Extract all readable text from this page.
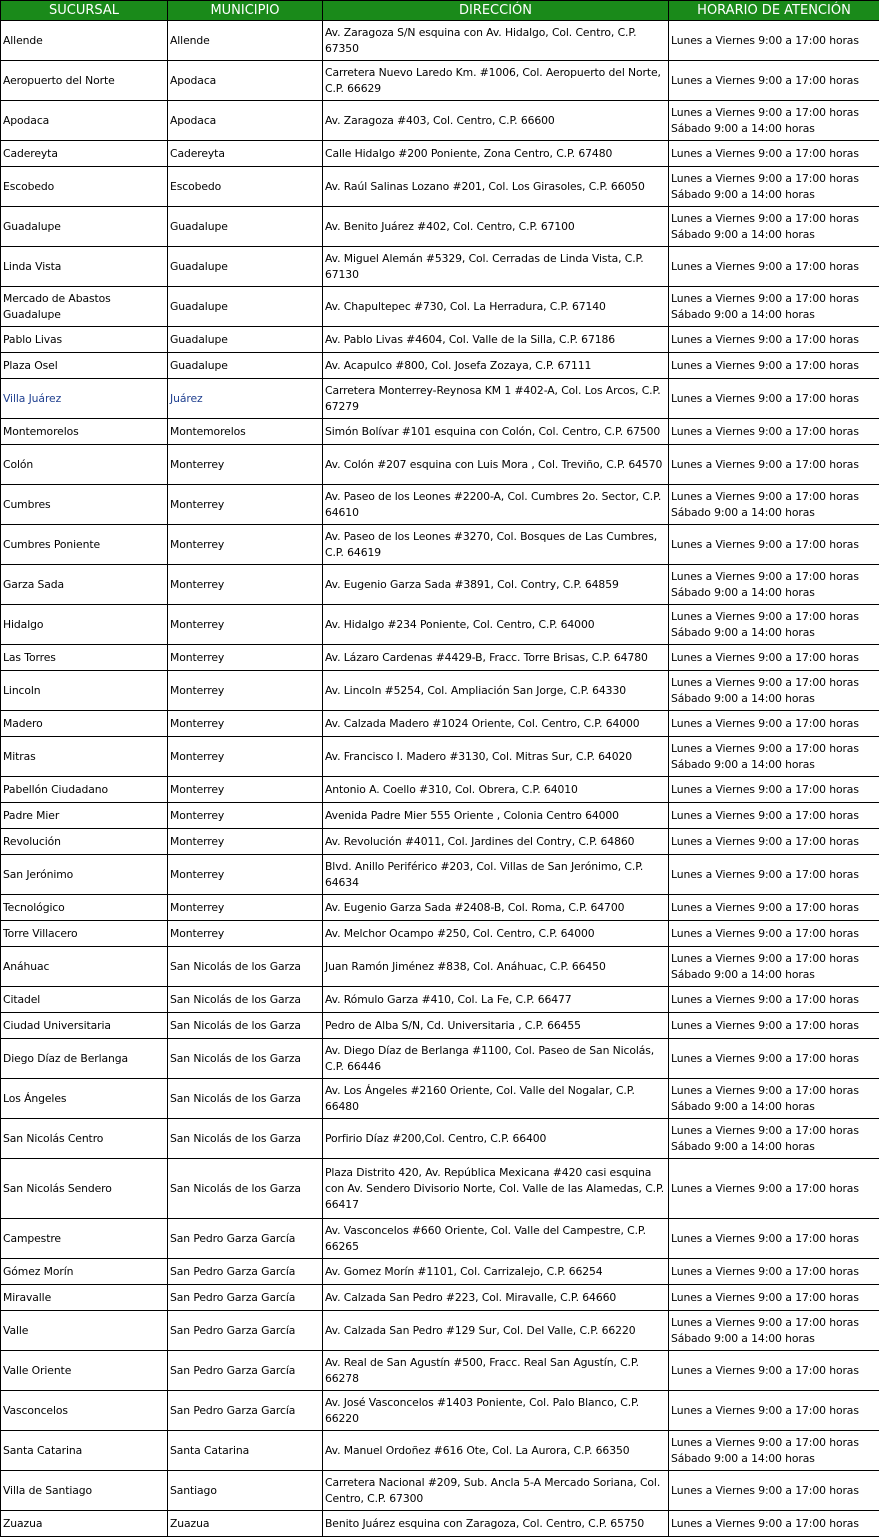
SUCURSAL	MUNICIPIO	DIRECCIÓN	HORARIO DE ATENCIÓN
Allende	Allende	Av. Zaragoza S/N esquina con Av. Hidalgo, Col. Centro, C.P. 67350	Lunes a Viernes 9:00 a 17:00 horas
Aeropuerto del Norte	Apodaca	Carretera Nuevo Laredo Km. #1006, Col. Aeropuerto del Norte, C.P. 66629	Lunes a Viernes 9:00 a 17:00 horas
Apodaca	Apodaca	Av. Zaragoza #403, Col. Centro, C.P. 66600	Lunes a Viernes 9:00 a 17:00 horas
Sábado 9:00 a 14:00 horas
Cadereyta	Cadereyta	Calle Hidalgo #200 Poniente, Zona Centro, C.P. 67480	Lunes a Viernes 9:00 a 17:00 horas
Escobedo	Escobedo	Av. Raúl Salinas Lozano #201, Col. Los Girasoles, C.P. 66050	Lunes a Viernes 9:00 a 17:00 horas
Sábado 9:00 a 14:00 horas
Guadalupe	Guadalupe	Av. Benito Juárez #402, Col. Centro, C.P. 67100	Lunes a Viernes 9:00 a 17:00 horas
Sábado 9:00 a 14:00 horas
Linda Vista	Guadalupe	Av. Miguel Alemán #5329, Col. Cerradas de Linda Vista, C.P. 67130	Lunes a Viernes 9:00 a 17:00 horas
Mercado de Abastos Guadalupe	Guadalupe	Av. Chapultepec #730, Col. La Herradura, C.P. 67140	Lunes a Viernes 9:00 a 17:00 horas
Sábado 9:00 a 14:00 horas
Pablo Livas	Guadalupe	Av. Pablo Livas #4604, Col. Valle de la Silla, C.P. 67186	Lunes a Viernes 9:00 a 17:00 horas
Plaza Osel	Guadalupe	Av. Acapulco #800, Col. Josefa Zozaya, C.P. 67111	Lunes a Viernes 9:00 a 17:00 horas
Villa Juárez	Juárez	Carretera Monterrey-Reynosa KM 1 #402-A, Col. Los Arcos, C.P. 67279	Lunes a Viernes 9:00 a 17:00 horas
Montemorelos	Montemorelos	Simón Bolívar #101 esquina con Colón, Col. Centro, C.P. 67500	Lunes a Viernes 9:00 a 17:00 horas
Colón	Monterrey	Av. Colón #207 esquina con Luis Mora , Col. Treviño, C.P. 64570	Lunes a Viernes 9:00 a 17:00 horas
Cumbres	Monterrey	Av. Paseo de los Leones #2200-A, Col. Cumbres 2o. Sector, C.P. 64610	Lunes a Viernes 9:00 a 17:00 horas
Sábado 9:00 a 14:00 horas
Cumbres Poniente	Monterrey	Av. Paseo de los Leones #3270, Col. Bosques de Las Cumbres, C.P. 64619	Lunes a Viernes 9:00 a 17:00 horas
Garza Sada	Monterrey	Av. Eugenio Garza Sada #3891, Col. Contry, C.P. 64859	Lunes a Viernes 9:00 a 17:00 horas
Sábado 9:00 a 14:00 horas
Hidalgo	Monterrey	Av. Hidalgo #234 Poniente, Col. Centro, C.P. 64000	Lunes a Viernes 9:00 a 17:00 horas
Sábado 9:00 a 14:00 horas
Las Torres	Monterrey	Av. Lázaro Cardenas #4429-B, Fracc. Torre Brisas, C.P. 64780	Lunes a Viernes 9:00 a 17:00 horas
Lincoln	Monterrey	Av. Lincoln #5254, Col. Ampliación San Jorge, C.P. 64330	Lunes a Viernes 9:00 a 17:00 horas
Sábado 9:00 a 14:00 horas
Madero	Monterrey	Av. Calzada Madero #1024 Oriente, Col. Centro, C.P. 64000	Lunes a Viernes 9:00 a 17:00 horas
Mitras	Monterrey	Av. Francisco I. Madero #3130, Col. Mitras Sur, C.P. 64020	Lunes a Viernes 9:00 a 17:00 horas
Sábado 9:00 a 14:00 horas
Pabellón Ciudadano	Monterrey	Antonio A. Coello #310, Col. Obrera, C.P. 64010	Lunes a Viernes 9:00 a 17:00 horas
Padre Mier	Monterrey	Avenida Padre Mier 555 Oriente , Colonia Centro 64000	Lunes a Viernes 9:00 a 17:00 horas
Revolución	Monterrey	Av. Revolución #4011, Col. Jardines del Contry, C.P. 64860	Lunes a Viernes 9:00 a 17:00 horas
San Jerónimo	Monterrey	Blvd. Anillo Periférico #203, Col. Villas de San Jerónimo, C.P. 64634	Lunes a Viernes 9:00 a 17:00 horas
Tecnológico	Monterrey	Av. Eugenio Garza Sada #2408-B, Col. Roma, C.P. 64700	Lunes a Viernes 9:00 a 17:00 horas
Torre Villacero	Monterrey	Av. Melchor Ocampo #250, Col. Centro, C.P. 64000	Lunes a Viernes 9:00 a 17:00 horas
Anáhuac	San Nicolás de los Garza	Juan Ramón Jiménez #838, Col. Anáhuac, C.P. 66450	Lunes a Viernes 9:00 a 17:00 horas
Sábado 9:00 a 14:00 horas
Citadel	San Nicolás de los Garza	Av. Rómulo Garza #410, Col. La Fe, C.P. 66477	Lunes a Viernes 9:00 a 17:00 horas
Ciudad Universitaria	San Nicolás de los Garza	Pedro de Alba S/N, Cd. Universitaria , C.P. 66455	Lunes a Viernes 9:00 a 17:00 horas
Diego Díaz de Berlanga	San Nicolás de los Garza	Av. Diego Díaz de Berlanga #1100, Col. Paseo de San Nicolás, C.P. 66446	Lunes a Viernes 9:00 a 17:00 horas
Los Ángeles	San Nicolás de los Garza	Av. Los Ángeles #2160 Oriente, Col. Valle del Nogalar, C.P. 66480	Lunes a Viernes 9:00 a 17:00 horas
Sábado 9:00 a 14:00 horas
San Nicolás Centro	San Nicolás de los Garza	Porfirio Díaz #200,Col. Centro, C.P. 66400	Lunes a Viernes 9:00 a 17:00 horas
Sábado 9:00 a 14:00 horas
San Nicolás Sendero	San Nicolás de los Garza	Plaza Distrito 420, Av. República Mexicana #420 casi esquina con Av. Sendero Divisorio Norte, Col. Valle de las Alamedas, C.P. 66417	Lunes a Viernes 9:00 a 17:00 horas
Campestre	San Pedro Garza García	Av. Vasconcelos #660 Oriente, Col. Valle del Campestre, C.P. 66265	Lunes a Viernes 9:00 a 17:00 horas
Gómez Morín	San Pedro Garza García	Av. Gomez Morín #1101, Col. Carrizalejo, C.P. 66254	Lunes a Viernes 9:00 a 17:00 horas
Miravalle	San Pedro Garza García	Av. Calzada San Pedro #223, Col. Miravalle, C.P. 64660	Lunes a Viernes 9:00 a 17:00 horas
Valle	San Pedro Garza García	Av. Calzada San Pedro #129 Sur, Col. Del Valle, C.P. 66220	Lunes a Viernes 9:00 a 17:00 horas
Sábado 9:00 a 14:00 horas
Valle Oriente	San Pedro Garza García	Av. Real de San Agustín #500, Fracc. Real San Agustín, C.P. 66278	Lunes a Viernes 9:00 a 17:00 horas
Vasconcelos	San Pedro Garza García	Av. José Vasconcelos #1403 Poniente, Col. Palo Blanco, C.P. 66220	Lunes a Viernes 9:00 a 17:00 horas
Santa Catarina	Santa Catarina	Av. Manuel Ordoñez #616 Ote, Col. La Aurora, C.P. 66350	Lunes a Viernes 9:00 a 17:00 horas
Sábado 9:00 a 14:00 horas
Villa de Santiago	Santiago	Carretera Nacional #209, Sub. Ancla 5-A Mercado Soriana, Col. Centro, C.P. 67300	Lunes a Viernes 9:00 a 17:00 horas
Zuazua	Zuazua	Benito Juárez esquina con Zaragoza, Col. Centro, C.P. 65750	Lunes a Viernes 9:00 a 17:00 horas
